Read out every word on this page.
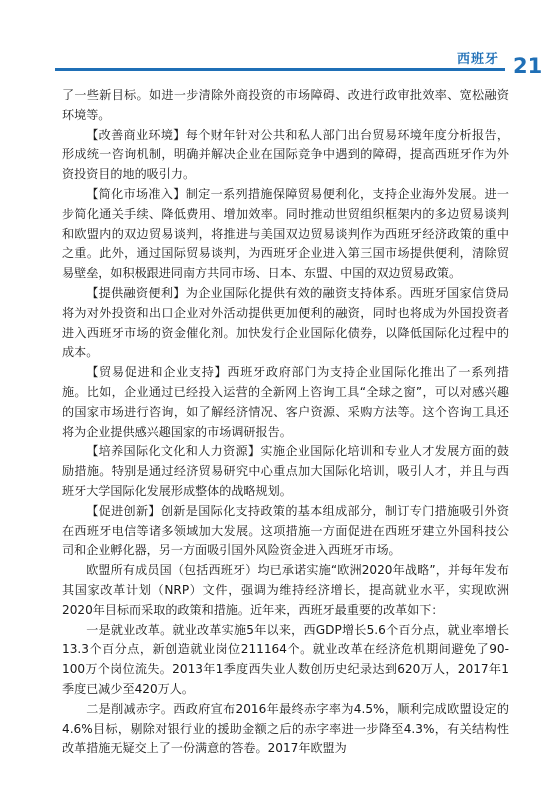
西班牙 21

了一些新目标。如进一步清除外商投资的市场障碍、改进行政审批效率、宽松融资环境等。

【改善商业环境】每个财年针对公共和私人部门出台贸易环境年度分析报告，形成统一咨询机制，明确并解决企业在国际竞争中遇到的障碍，提高西班牙作为外资投资目的地的吸引力。

【简化市场准入】制定一系列措施保障贸易便利化，支持企业海外发展。进一步简化通关手续、降低费用、增加效率。同时推动世贸组织框架内的多边贸易谈判和欧盟内的双边贸易谈判，将推进与美国双边贸易谈判作为西班牙经济政策的重中之重。此外，通过国际贸易谈判，为西班牙企业进入第三国市场提供便利，清除贸易壁垒，如积极跟进同南方共同市场、日本、东盟、中国的双边贸易政策。

【提供融资便利】为企业国际化提供有效的融资支持体系。西班牙国家信贷局将为对外投资和出口企业对外活动提供更加便利的融资，同时也将成为外国投资者进入西班牙市场的资金催化剂。加快发行企业国际化债券，以降低国际化过程中的成本。

【贸易促进和企业支持】西班牙政府部门为支持企业国际化推出了一系列措施。比如，企业通过已经投入运营的全新网上咨询工具“全球之窗”，可以对感兴趣的国家市场进行咨询，如了解经济情况、客户资源、采购方法等。这个咨询工具还将为企业提供感兴趣国家的市场调研报告。

【培养国际化文化和人力资源】实施企业国际化培训和专业人才发展方面的鼓励措施。特别是通过经济贸易研究中心重点加大国际化培训，吸引人才，并且与西班牙大学国际化发展形成整体的战略规划。

【促进创新】创新是国际化支持政策的基本组成部分，制订专门措施吸引外资在西班牙电信等诸多领域加大发展。这项措施一方面促进在西班牙建立外国科技公司和企业孵化器，另一方面吸引国外风险资金进入西班牙市场。

欧盟所有成员国（包括西班牙）均已承诺实施“欧洲2020年战略”，并每年发布其国家改革计划（NRP）文件，强调为维持经济增长，提高就业水平，实现欧洲2020年目标而采取的政策和措施。近年来，西班牙最重要的改革如下：

一是就业改革。就业改革实施5年以来，西GDP增长5.6个百分点，就业率增长13.3个百分点，新创造就业岗位211164个。就业改革在经济危机期间避免了90-100万个岗位流失。2013年1季度西失业人数创历史纪录达到620万人，2017年1季度已减少至420万人。

二是削减赤字。西政府宣布2016年最终赤字率为4.5%，顺利完成欧盟设定的4.6%目标，剔除对银行业的援助金额之后的赤字率进一步降至4.3%，有关结构性改革措施无疑交上了一份满意的答卷。2017年欧盟为
